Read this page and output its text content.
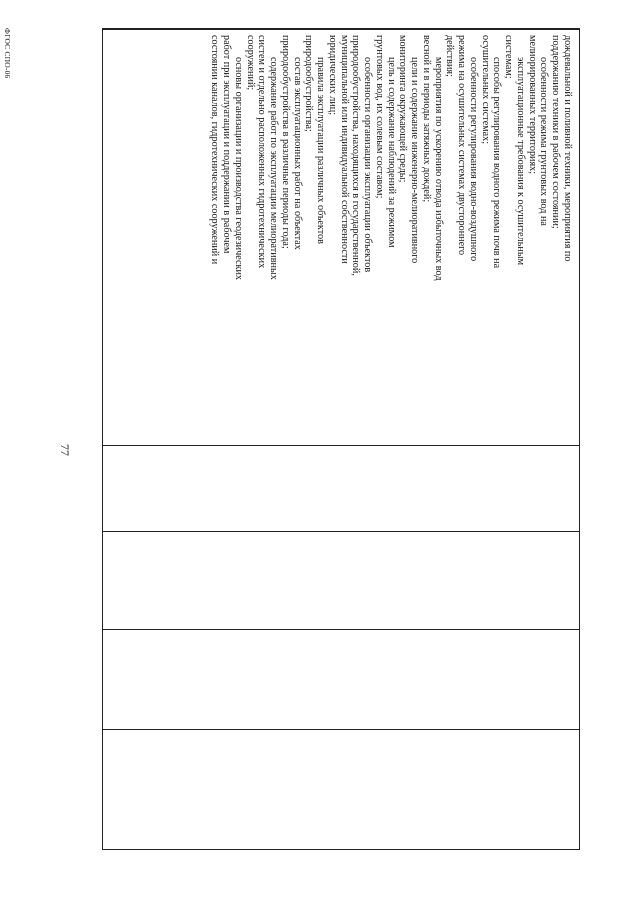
дождевальной и поливной техники, мероприятия по
поддержанию техники в рабочем состоянии;
особенности режима грунтовых вод на
мелиорированных территориях;
эксплуатационные требования к осушительным
системам;
способы регулирования водного режима почв на
осушительных системах;
особенности регулирования водно-воздушного
режима на осушительных системах двустороннего
действия;
мероприятия по ускорению отвода избыточных вод
весной и в периоды затяжных дождей;
цели и содержание инженерно-мелиоративного
мониторинга окружающей среды;
цель и содержание наблюдений за режимом
грунтовых вод, их солевым составом;
особенности организации эксплуатации объектов
природообустройства, находящихся в государственной,
муниципальной или индивидуальной собственности
юридических лиц;
правила эксплуатации различных объектов
природообустройства;
состав эксплуатационных работ на объектах
природообустройства в различные периоды года;
содержание работ по эксплуатации мелиоративных
систем и отдельно расположенных гидротехнических
сооружений;
основы организации и производства геодезических
работ при эксплуатации и поддержании в рабочем
состоянии каналов, гидротехнических сооружений и
77
ФГОС СПО-06
